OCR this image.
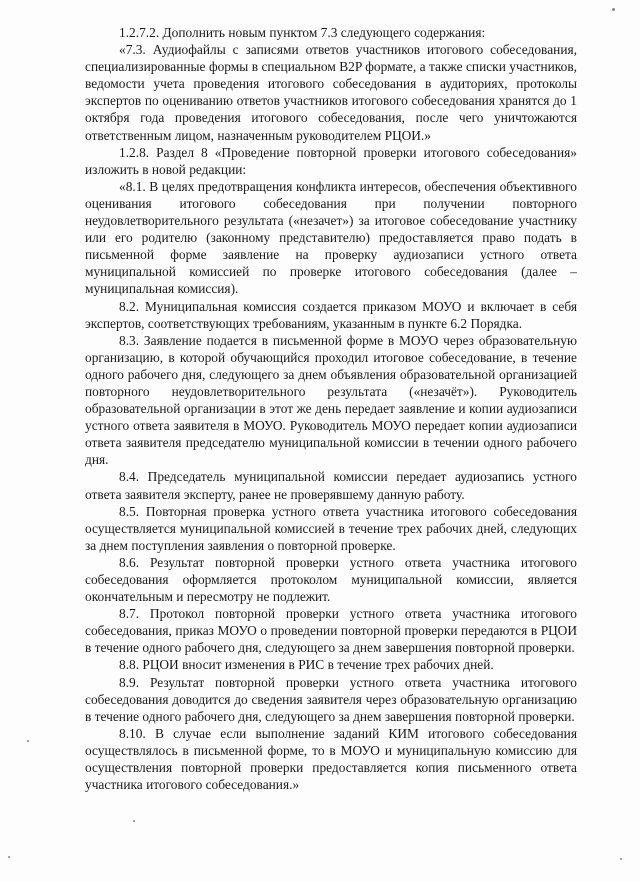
1.2.7.2. Дополнить новым пунктом 7.3 следующего содержания:

«7.3. Аудиофайлы с записями ответов участников итогового собеседования, специализированные формы в специальном B2P формате, а также списки участников, ведомости учета проведения итогового собеседования в аудиториях, протоколы экспертов по оцениванию ответов участников итогового собеседования хранятся до 1 октября года проведения итогового собеседования, после чего уничтожаются ответственным лицом, назначенным руководителем РЦОИ.»

1.2.8. Раздел 8 «Проведение повторной проверки итогового собеседования» изложить в новой редакции:

«8.1. В целях предотвращения конфликта интересов, обеспечения объективного оценивания итогового собеседования при получении повторного неудовлетворительного результата («незачет») за итоговое собеседование участнику или его родителю (законному представителю) предоставляется право подать в письменной форме заявление на проверку аудиозаписи устного ответа муниципальной комиссией по проверке итогового собеседования (далее – муниципальная комиссия).

8.2. Муниципальная комиссия создается приказом МОУО и включает в себя экспертов, соответствующих требованиям, указанным в пункте 6.2 Порядка.

8.3. Заявление подается в письменной форме в МОУО через образовательную организацию, в которой обучающийся проходил итоговое собеседование, в течение одного рабочего дня, следующего за днем объявления образовательной организацией повторного неудовлетворительного результата («незачёт»). Руководитель образовательной организации в этот же день передает заявление и копии аудиозаписи устного ответа заявителя в МОУО. Руководитель МОУО передает копии аудиозаписи ответа заявителя председателю муниципальной комиссии в течении одного рабочего дня.

8.4. Председатель муниципальной комиссии передает аудиозапись устного ответа заявителя эксперту, ранее не проверявшему данную работу.

8.5. Повторная проверка устного ответа участника итогового собеседования осуществляется муниципальной комиссией в течение трех рабочих дней, следующих за днем поступления заявления о повторной проверке.

8.6. Результат повторной проверки устного ответа участника итогового собеседования оформляется протоколом муниципальной комиссии, является окончательным и пересмотру не подлежит.

8.7. Протокол повторной проверки устного ответа участника итогового собеседования, приказ МОУО о проведении повторной проверки передаются в РЦОИ в течение одного рабочего дня, следующего за днем завершения повторной проверки.

8.8. РЦОИ вносит изменения в РИС в течение трех рабочих дней.

8.9. Результат повторной проверки устного ответа участника итогового собеседования доводится до сведения заявителя через образовательную организацию в течение одного рабочего дня, следующего за днем завершения повторной проверки.

8.10. В случае если выполнение заданий КИМ итогового собеседования осуществлялось в письменной форме, то в МОУО и муниципальную комиссию для осуществления повторной проверки предоставляется копия письменного ответа участника итогового собеседования.»
